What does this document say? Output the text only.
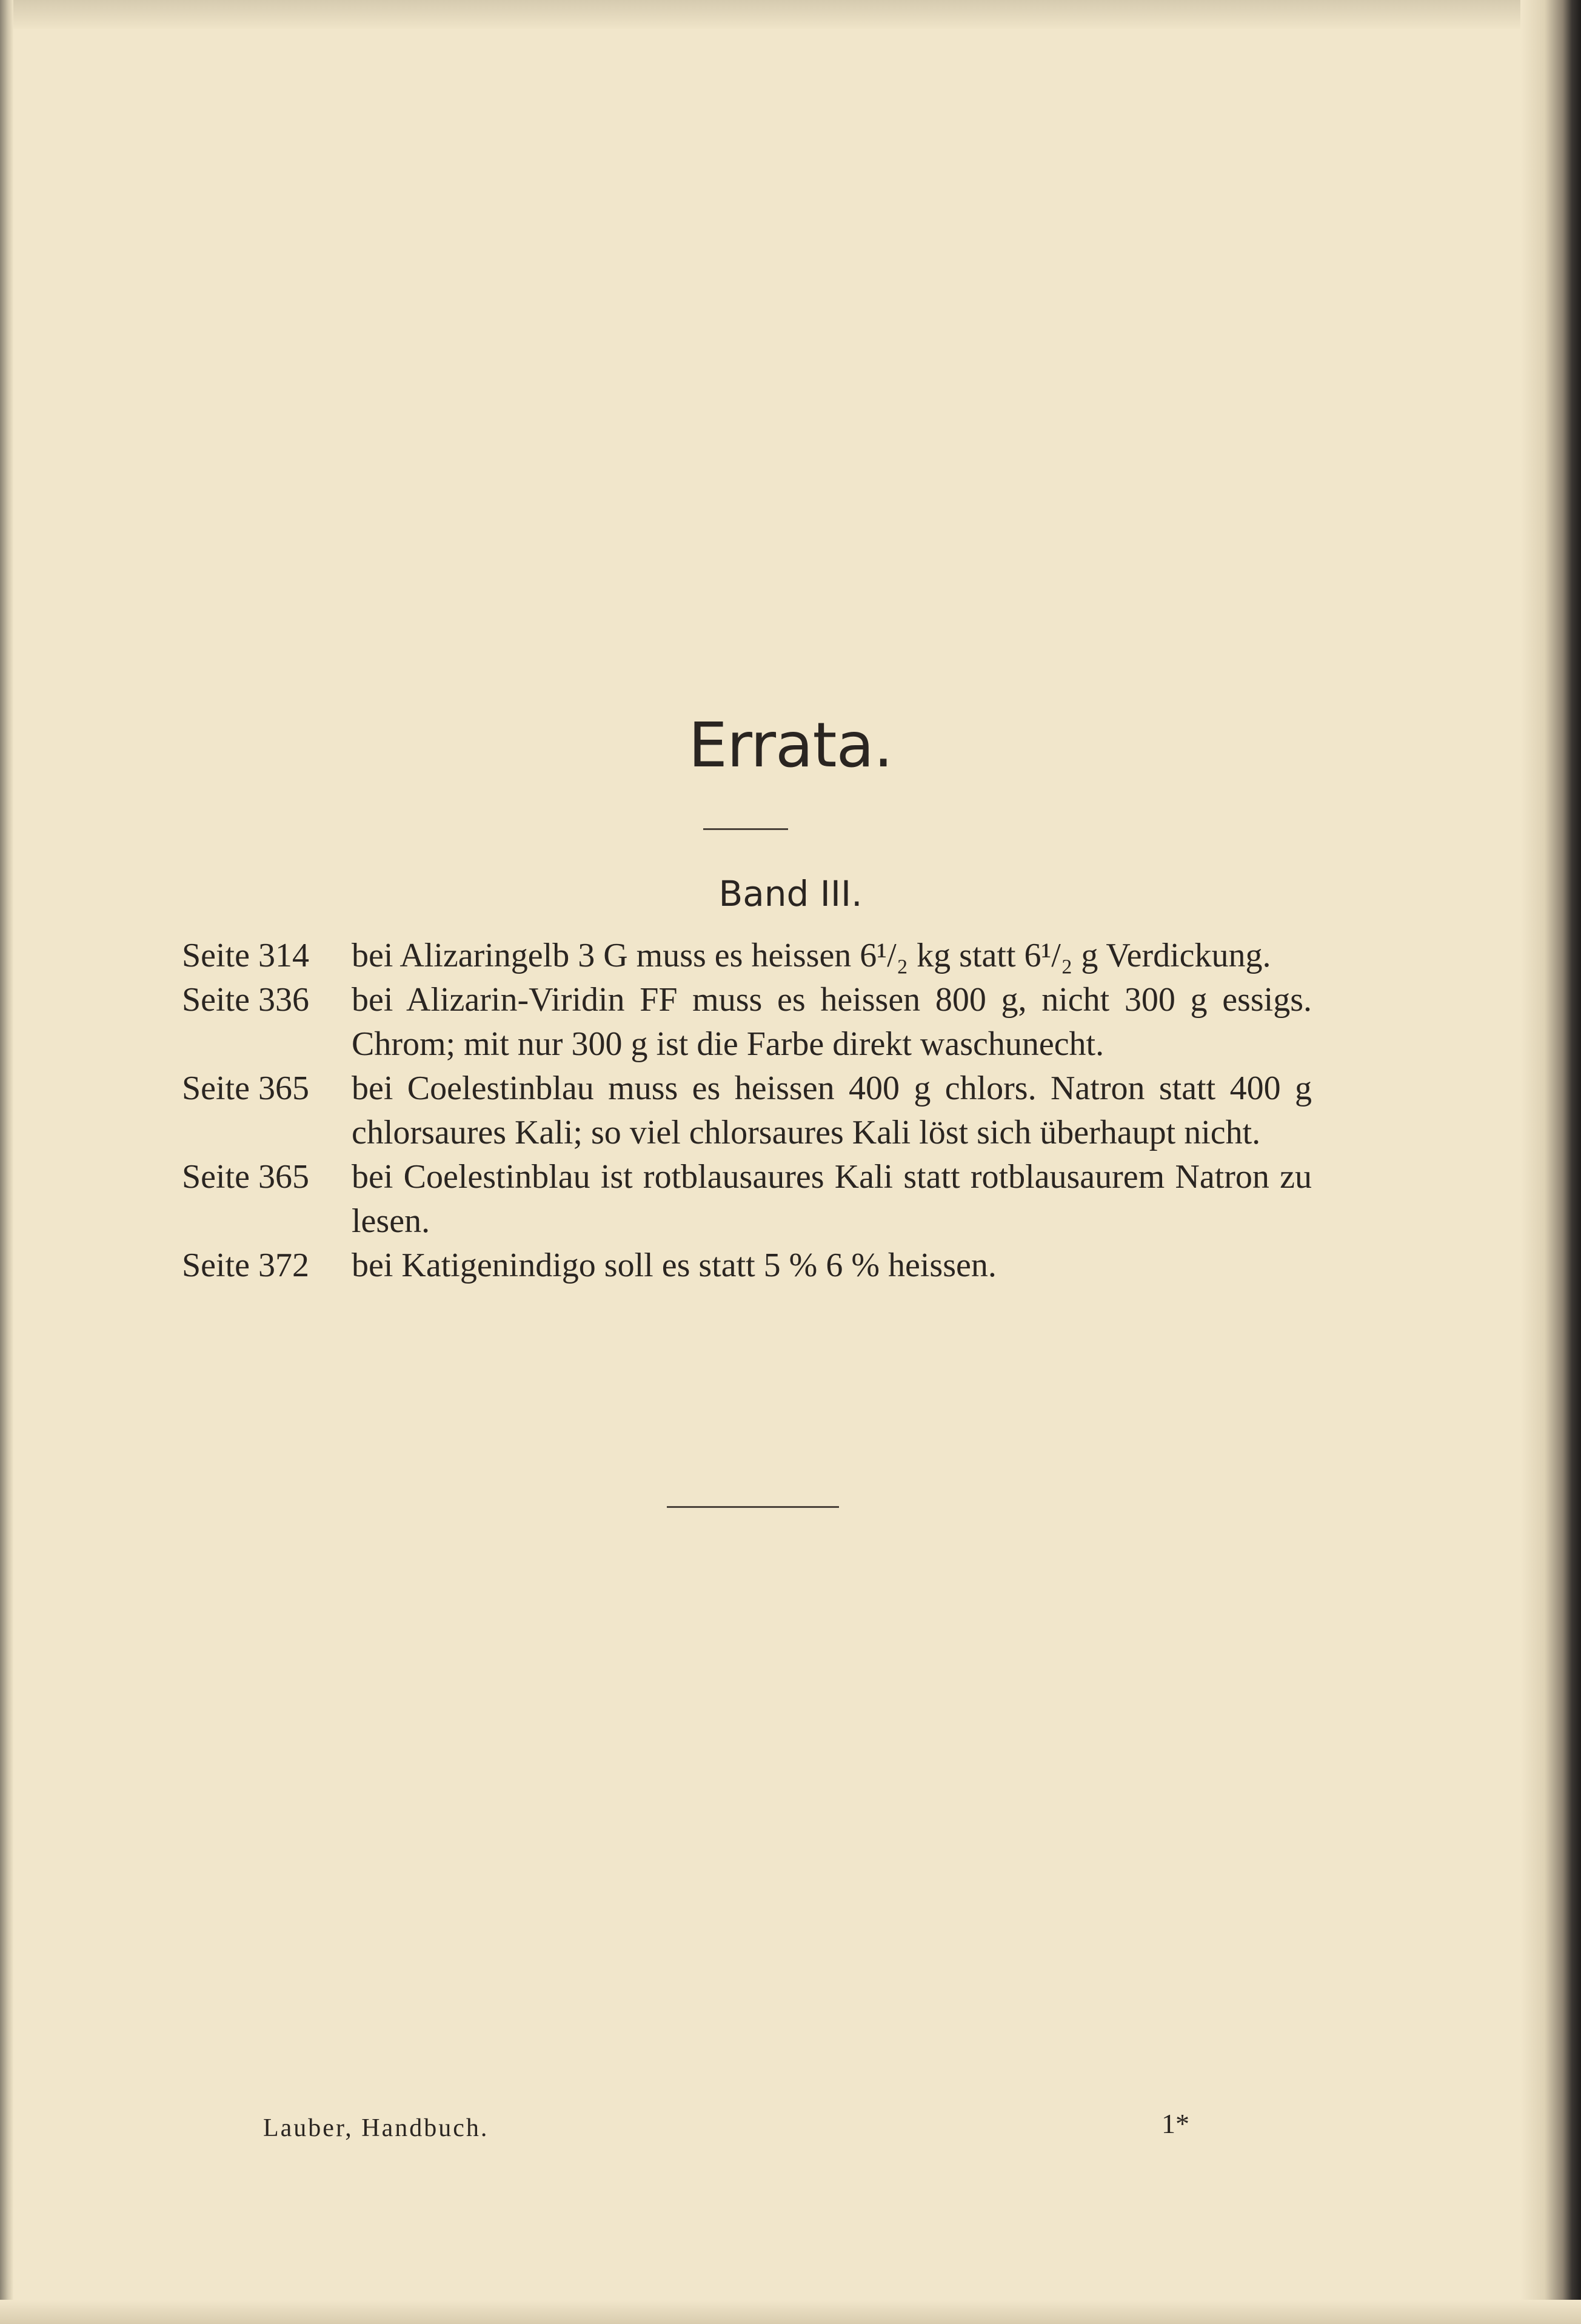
Errata.
Band III.
Seite 314	bei Alizaringelb 3 G muss es heissen 6¹/₂ kg statt 6¹/₂ g Verdickung.
Seite 336	bei Alizarin-Viridin FF muss es heissen 800 g, nicht 300 g essigs. Chrom; mit nur 300 g ist die Farbe direkt waschunecht.
Seite 365	bei Coelestinblau muss es heissen 400 g chlors. Natron statt 400 g chlorsaures Kali; so viel chlorsaures Kali löst sich überhaupt nicht.
Seite 365	bei Coelestinblau ist rotblausaures Kali statt rotblausaurem Natron zu lesen.
Seite 372	bei Katigenindigo soll es statt 5 % 6 % heissen.
Lauber, Handbuch.	1*
